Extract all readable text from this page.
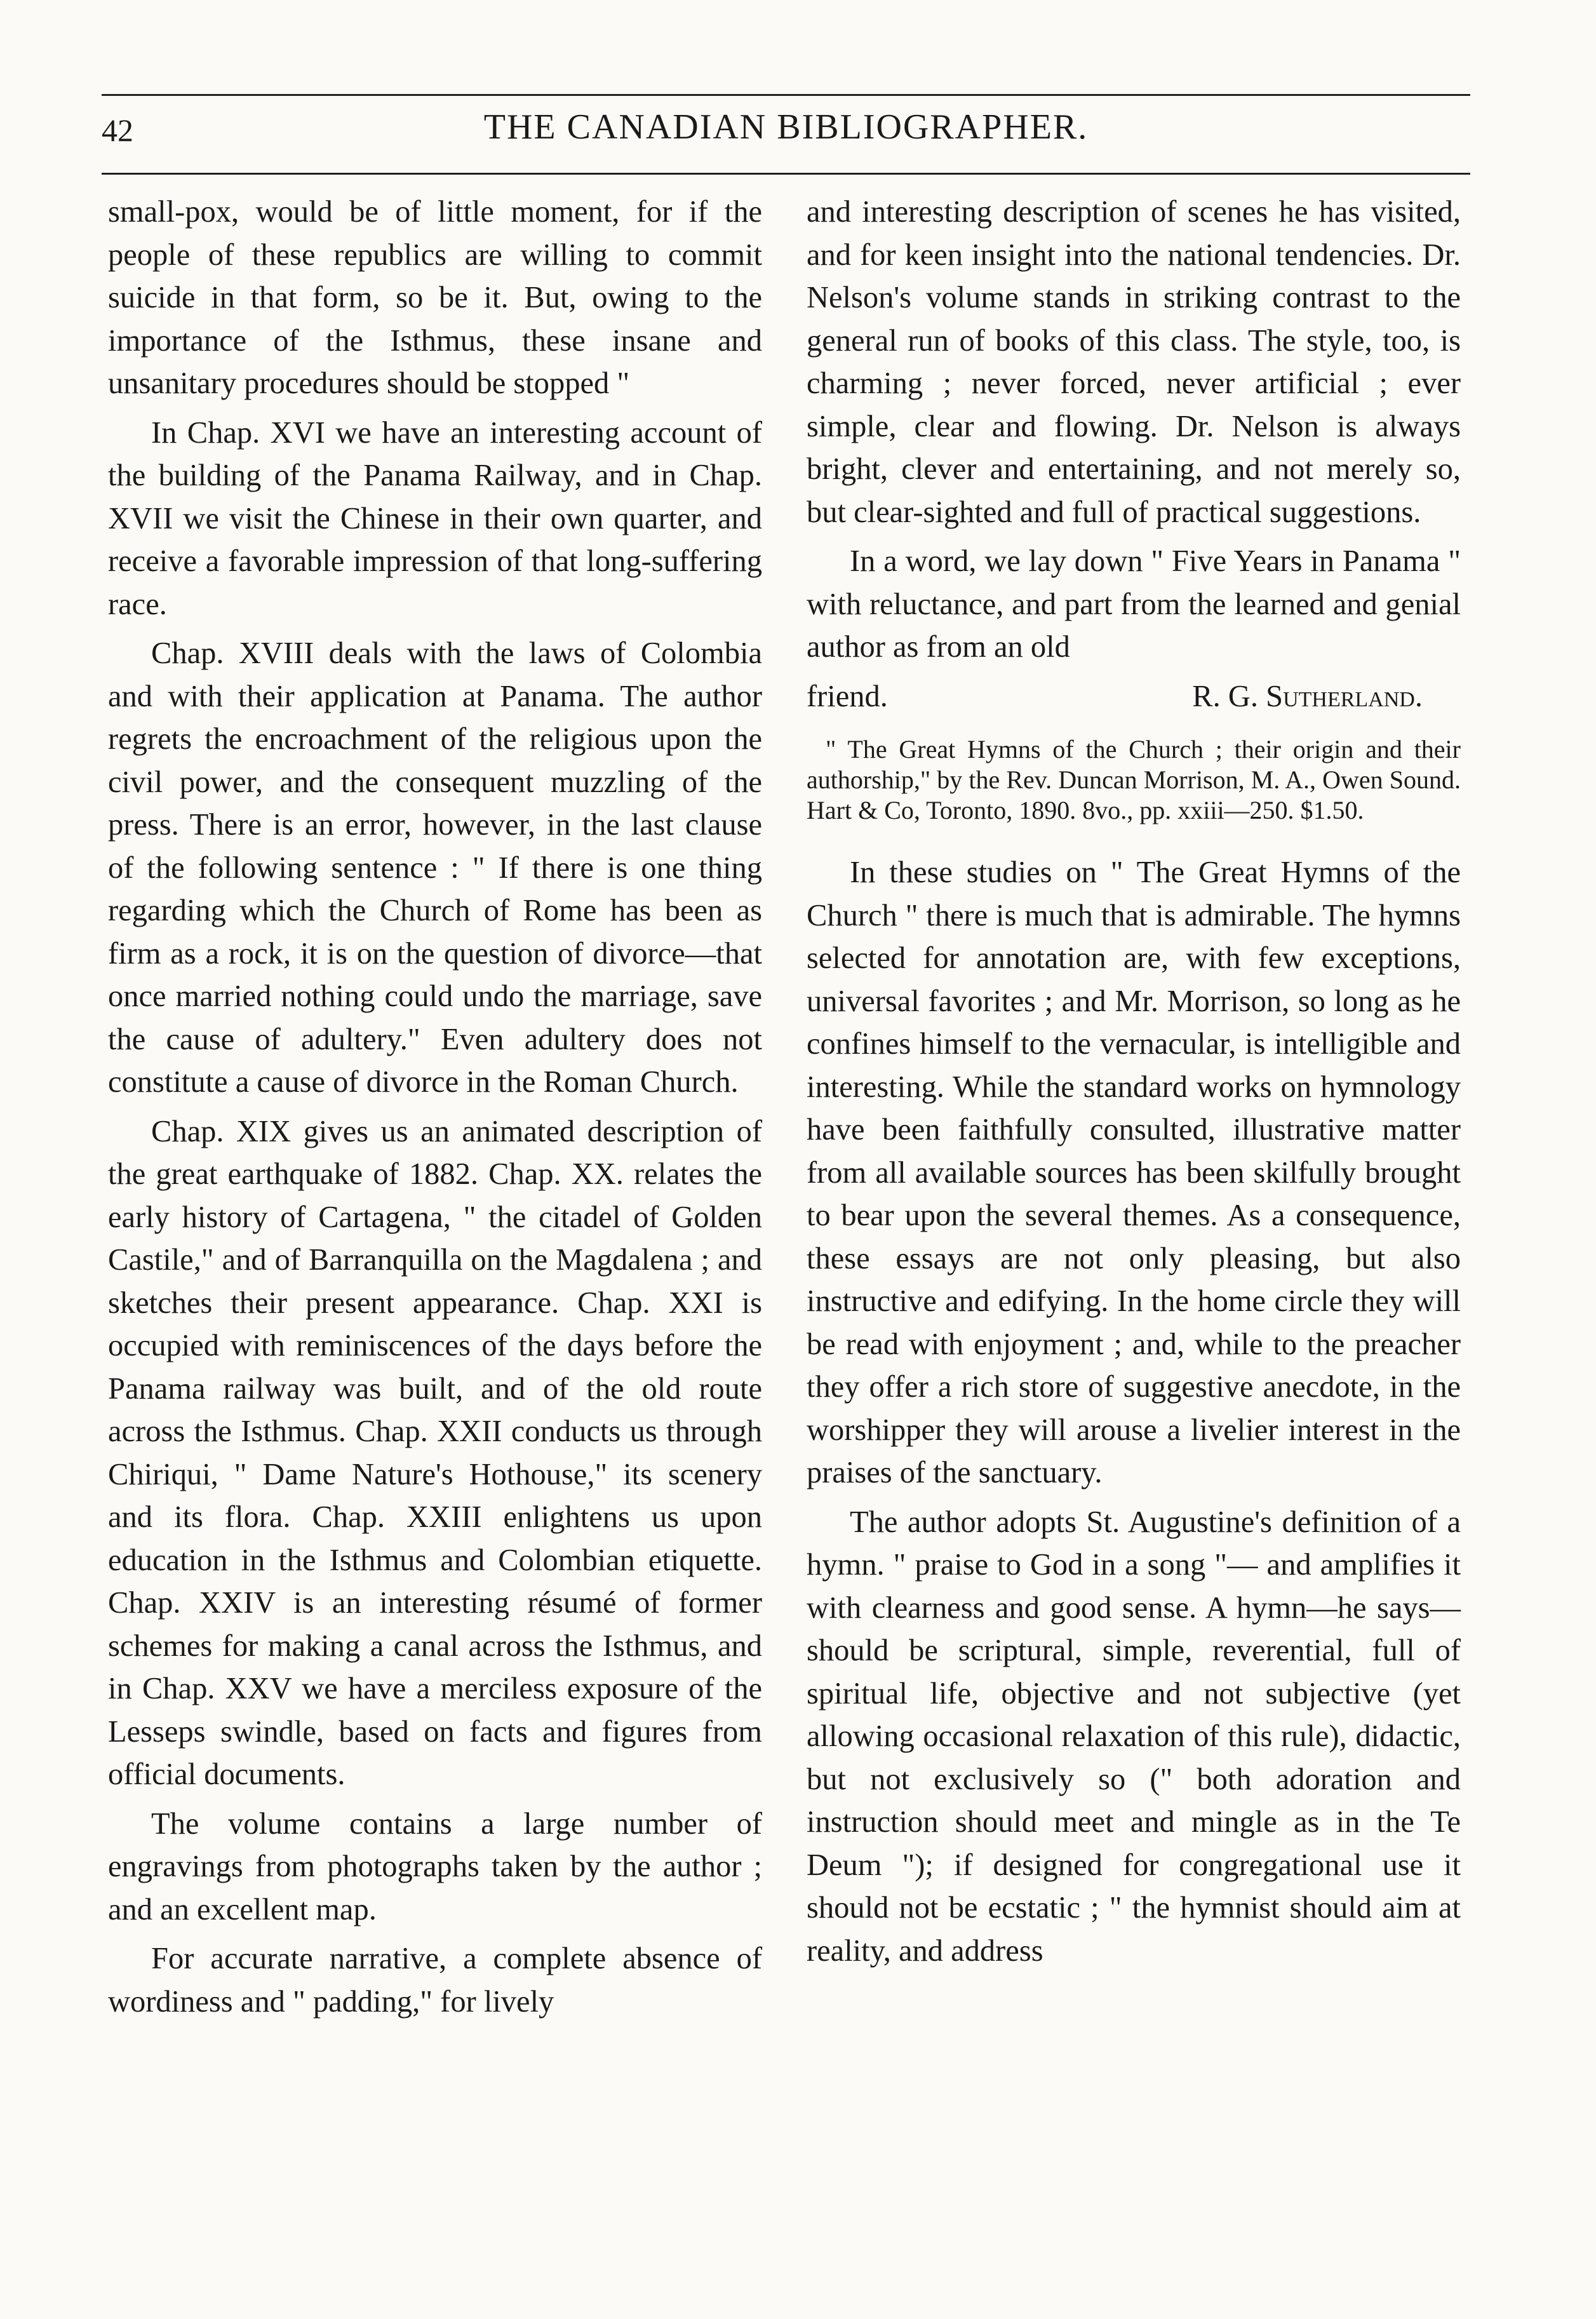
42	THE CANADIAN BIBLIOGRAPHER.

small-pox, would be of little moment, for if the people of these republics are willing to commit suicide in that form, so be it. But, owing to the importance of the Isthmus, these insane and unsanitary procedures should be stopped "

In Chap. XVI we have an interesting account of the building of the Panama Railway, and in Chap. XVII we visit the Chinese in their own quarter, and receive a favorable impression of that long-suffering race.

Chap. XVIII deals with the laws of Colombia and with their application at Panama. The author regrets the encroachment of the religious upon the civil power, and the consequent muzzling of the press. There is an error, however, in the last clause of the following sentence : " If there is one thing regarding which the Church of Rome has been as firm as a rock, it is on the question of divorce—that once married nothing could undo the marriage, save the cause of adultery." Even adultery does not constitute a cause of divorce in the Roman Church.

Chap. XIX gives us an animated description of the great earthquake of 1882. Chap. XX. relates the early history of Cartagena, " the citadel of Golden Castile," and of Barranquilla on the Magdalena ; and sketches their present appearance. Chap. XXI is occupied with reminiscences of the days before the Panama railway was built, and of the old route across the Isthmus. Chap. XXII conducts us through Chiriqui, " Dame Nature's Hothouse," its scenery and its flora. Chap. XXIII enlightens us upon education in the Isthmus and Colombian etiquette. Chap. XXIV is an interesting résumé of former schemes for making a canal across the Isthmus, and in Chap. XXV we have a merciless exposure of the Lesseps swindle, based on facts and figures from official documents.

The volume contains a large number of engravings from photographs taken by the author ; and an excellent map.

For accurate narrative, a complete absence of wordiness and " padding," for lively

and interesting description of scenes he has visited, and for keen insight into the national tendencies. Dr. Nelson's volume stands in striking contrast to the general run of books of this class. The style, too, is charming ; never forced, never artificial ; ever simple, clear and flowing. Dr. Nelson is always bright, clever and entertaining, and not merely so, but clear-sighted and full of practical suggestions.

In a word, we lay down " Five Years in Panama " with reluctance, and part from the learned and genial author as from an old

friend.	R. G. Sutherland.

" The Great Hymns of the Church ; their origin and their authorship," by the Rev. Duncan Morrison, M. A., Owen Sound. Hart & Co, Toronto, 1890. 8vo., pp. xxiii—250. $1.50.

In these studies on " The Great Hymns of the Church " there is much that is admirable. The hymns selected for annotation are, with few exceptions, universal favorites ; and Mr. Morrison, so long as he confines himself to the vernacular, is intelligible and interesting. While the standard works on hymnology have been faithfully consulted, illustrative matter from all available sources has been skilfully brought to bear upon the several themes. As a consequence, these essays are not only pleasing, but also instructive and edifying. In the home circle they will be read with enjoyment ; and, while to the preacher they offer a rich store of suggestive anecdote, in the worshipper they will arouse a livelier interest in the praises of the sanctuary.

The author adopts St. Augustine's definition of a hymn. " praise to God in a song "— and amplifies it with clearness and good sense. A hymn—he says—should be scriptural, simple, reverential, full of spiritual life, objective and not subjective (yet allowing occasional relaxation of this rule), didactic, but not exclusively so (" both adoration and instruction should meet and mingle as in the Te Deum "); if designed for congregational use it should not be ecstatic ; " the hymnist should aim at reality, and address
